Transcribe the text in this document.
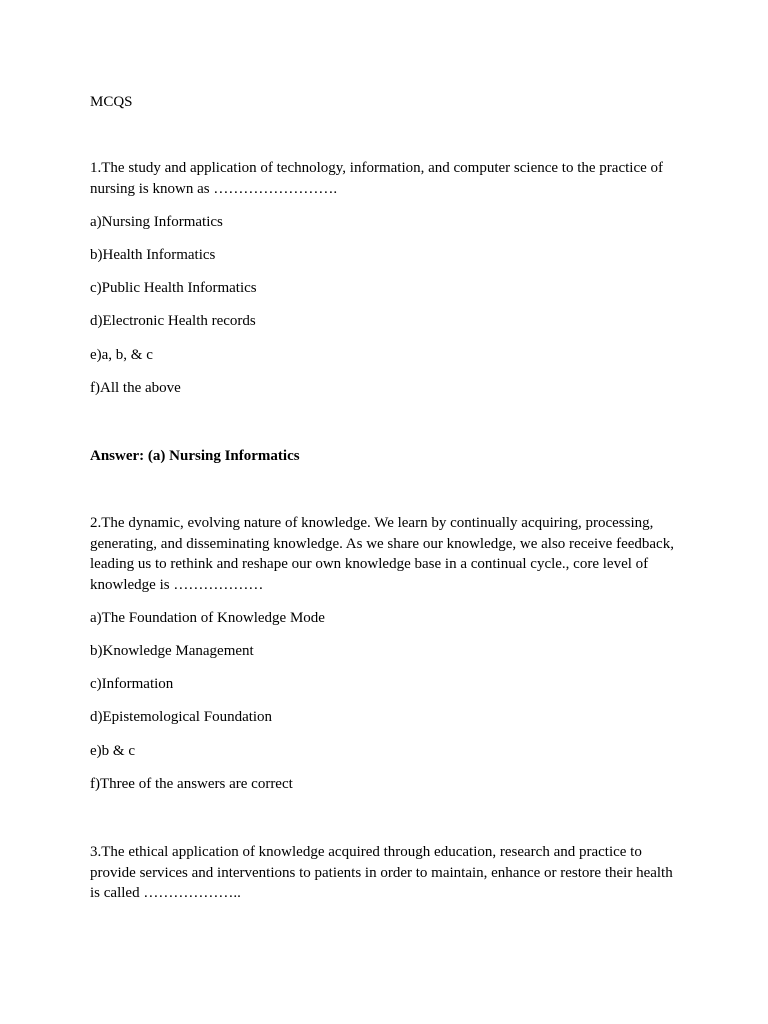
MCQS

1.The study and application of technology, information, and computer science to the practice of nursing is known as …………………….

a)Nursing Informatics

b)Health Informatics

c)Public Health Informatics

d)Electronic Health records

e)a, b, & c

f)All the above

Answer: (a) Nursing Informatics

2.The dynamic, evolving nature of knowledge. We learn by continually acquiring, processing, generating, and disseminating knowledge. As we share our knowledge, we also receive feedback, leading us to rethink and reshape our own knowledge base in a continual cycle., core level of knowledge is ………………

a)The Foundation of Knowledge Mode

b)Knowledge Management

c)Information

d)Epistemological Foundation

e)b & c

f)Three of the answers are correct

3.The ethical application of knowledge acquired through education, research and practice to provide services and interventions to patients in order to maintain, enhance or restore their health is called ………………..
